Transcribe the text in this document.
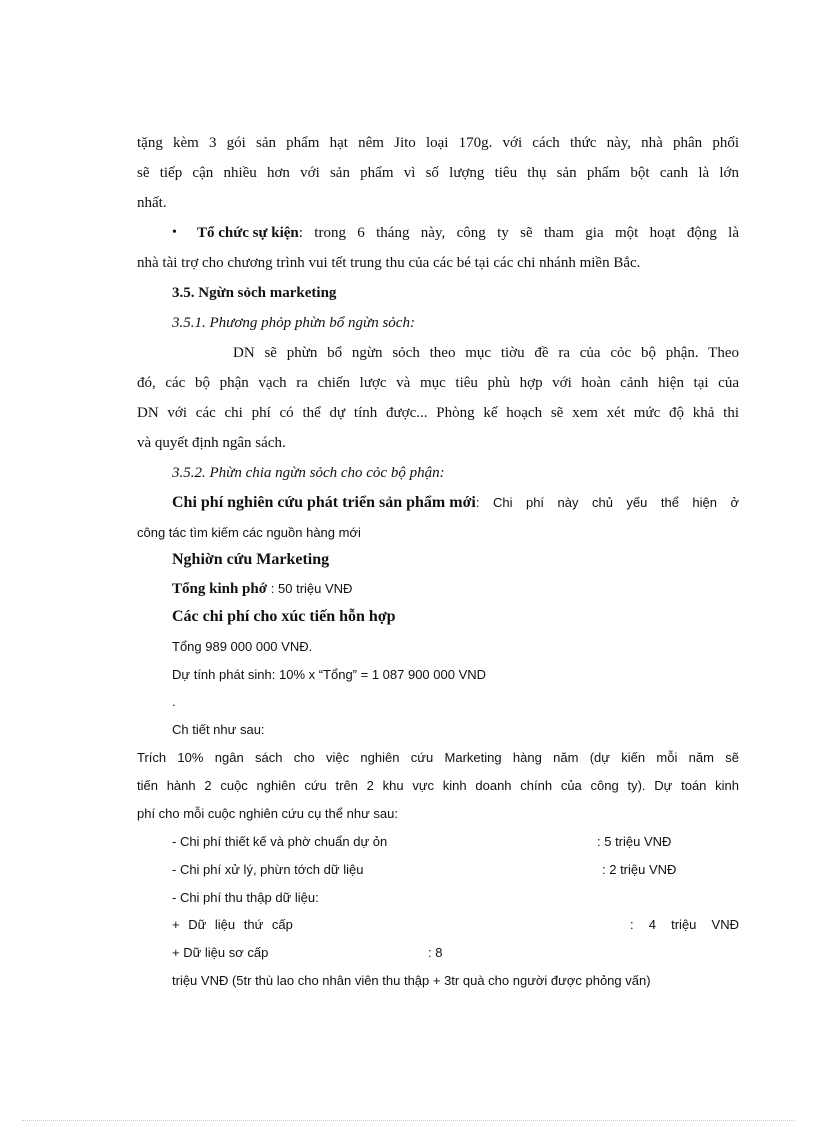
tặng kèm 3 gói sản phẩm hạt nêm Jito loại 170g. với cách thức này, nhà phân phối
sẽ tiếp cận nhiều hơn với sản phẩm vì số lượng tiêu thụ sản phẩm bột canh là lớn
nhất.
• Tổ chức sự kiện : trong 6 tháng này, công ty sẽ tham gia một hoạt động là
nhà tài trợ cho chương trình vui tết trung thu của các bé tại các chi nhánh miền Bắc.
3.5. Ngừn sỏch marketing
3.5.1. Phương phỏp phừn bổ ngừn sỏch:
DN sẽ phừn bổ ngừn sỏch theo mục tiờu đề ra của cỏc bộ phận. Theo
đó, các bộ phận vạch ra chiến lược và mục tiêu phù hợp với hoàn cảnh hiện tại của
DN với các chi phí có thể dự tính được... Phòng kế hoạch sẽ xem xét mức độ khả thi
và quyết định ngân sách.
3.5.2. Phừn chia ngừn sỏch cho cỏc bộ phận:
Chi phí nghiên cứu phát triển sản phẩm mới : Chi phí này chủ yếu thể hiện ở
công tác tìm kiếm các nguồn hàng mới
Nghiờn cứu Marketing
Tổng kinh phớ : 50 triệu VNĐ
Các chi phí cho xúc tiến hỗn hợp
Tổng 989 000 000 VNĐ.
Dự tính phát sinh: 10% x “Tổng” = 1 087 900 000 VND
.
Ch tiết như sau:
Trích 10% ngân sách cho việc nghiên cứu Marketing hàng năm (dự kiến mỗi năm sẽ
tiến hành 2 cuộc nghiên cứu trên 2 khu vực kinh doanh chính của công ty). Dự toán kinh
phí cho mỗi cuộc nghiên cứu cụ thể như sau:
- Chi phí thiết kế và phờ chuẩn dự ỏn	: 5 triệu VNĐ
- Chi phí xử lý, phừn tớch dữ liệu	: 2 triệu VNĐ
- Chi phí thu thập dữ liệu:
+ Dữ liệu thứ cấp	: 4 triệu VNĐ
+ Dữ liệu sơ cấp	: 8
triệu VNĐ (5tr thù lao cho nhân viên thu thập + 3tr quà cho người được phỏng vấn)
